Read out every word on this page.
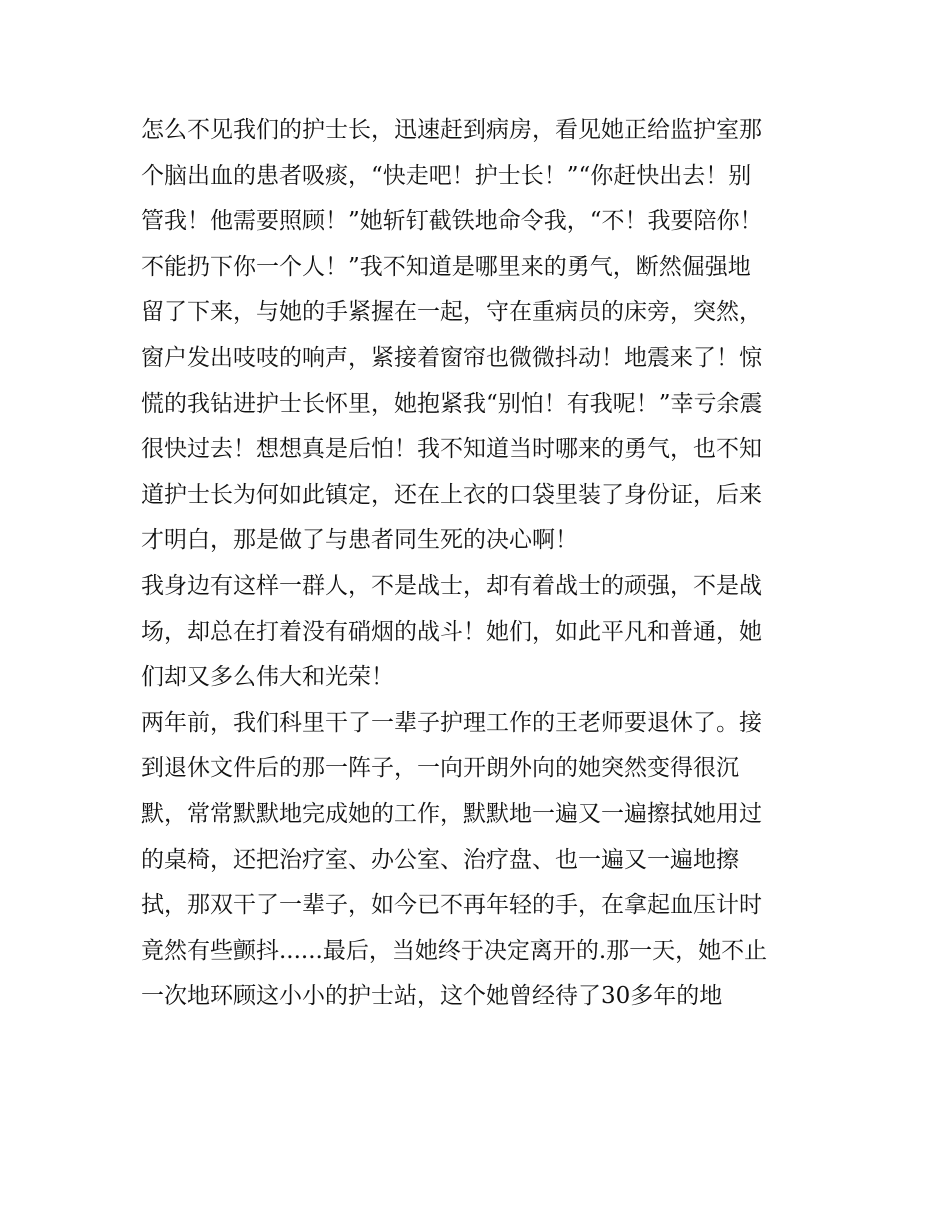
怎么不见我们的护士长，迅速赶到病房，看见她正给监护室那
个脑出血的患者吸痰，“快走吧！护士长！”“你赶快出去！别
管我！他需要照顾！”她斩钉截铁地命令我，“不！我要陪你！
不能扔下你一个人！”我不知道是哪里来的勇气，断然倔强地
留了下来，与她的手紧握在一起，守在重病员的床旁，突然，
窗户发出吱吱的响声，紧接着窗帘也微微抖动！地震来了！惊
慌的我钻进护士长怀里，她抱紧我“别怕！有我呢！”幸亏余震
很快过去！想想真是后怕！我不知道当时哪来的勇气，也不知
道护士长为何如此镇定，还在上衣的口袋里装了身份证，后来
才明白，那是做了与患者同生死的决心啊！
我身边有这样一群人，不是战士，却有着战士的顽强，不是战
场，却总在打着没有硝烟的战斗！她们，如此平凡和普通，她
们却又多么伟大和光荣！
两年前，我们科里干了一辈子护理工作的王老师要退休了。接
到退休文件后的那一阵子，一向开朗外向的她突然变得很沉
默，常常默默地完成她的工作，默默地一遍又一遍擦拭她用过
的桌椅，还把治疗室、办公室、治疗盘、也一遍又一遍地擦
拭，那双干了一辈子，如今已不再年轻的手，在拿起血压计时
竟然有些颤抖......最后，当她终于决定离开的.那一天，她不止
一次地环顾这小小的护士站，这个她曾经待了30多年的地
